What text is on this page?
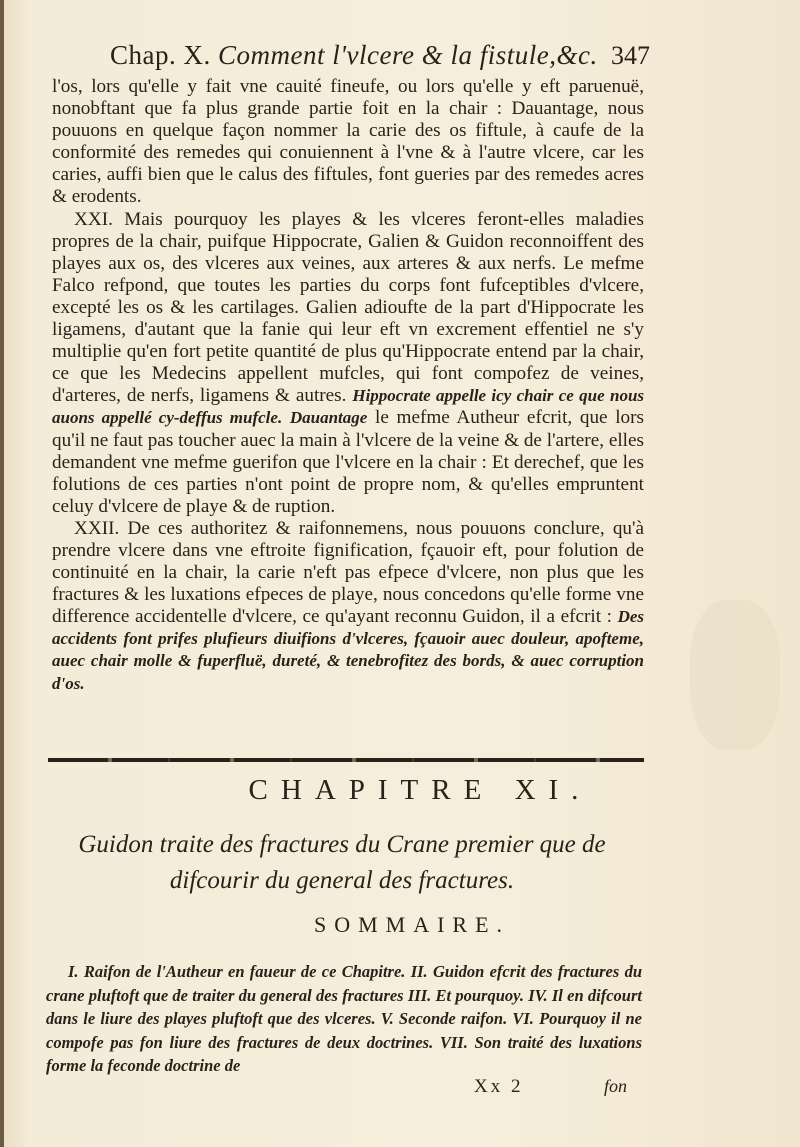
Chap. X. Comment l'vlcere & la fistule,&c. 347

l'os, lors qu'elle y fait vne cauité fineufe, ou lors qu'elle y eft paruenuë, nonobftant que fa plus grande partie foit en la chair : Dauantage, nous pouuons en quelque façon nommer la carie des os fiftule, à caufe de la conformité des remedes qui conuiennent à l'vne & à l'autre vlcere, car les caries, auffi bien que le calus des fiftules, font gueries par des remedes acres & erodents.

XXI. Mais pourquoy les playes & les vlceres feront-elles maladies propres de la chair, puifque Hippocrate, Galien & Guidon reconnoiffent des playes aux os, des vlceres aux veines, aux arteres & aux nerfs. Le mefme Falco refpond, que toutes les parties du corps font fufceptibles d'vlcere, excepté les os & les cartilages. Galien adioufte de la part d'Hippocrate les ligamens, d'autant que la fanie qui leur eft vn excrement effentiel ne s'y multiplie qu'en fort petite quantité de plus qu'Hippocrate entend par la chair, ce que les Medecins appellent mufcles, qui font compofez de veines, d'arteres, de nerfs, ligamens & autres. Hippocrate appelle icy chair ce que nous auons appellé cy-deffus mufcle. Dauantage le mefme Autheur efcrit, que lors qu'il ne faut pas toucher auec la main à l'vlcere de la veine & de l'artere, elles demandent vne mefme guerifon que l'vlcere en la chair : Et derechef, que les folutions de ces parties n'ont point de propre nom, & qu'elles empruntent celuy d'vlcere de playe & de ruption.

XXII. De ces authoritez & raifonnemens, nous pouuons conclure, qu'à prendre vlcere dans vne eftroite fignification, fçauoir eft, pour folution de continuité en la chair, la carie n'eft pas efpece d'vlcere, non plus que les fractures & les luxations efpeces de playe, nous concedons qu'elle forme vne difference accidentelle d'vlcere, ce qu'ayant reconnu Guidon, il a efcrit : Des accidents font prifes plufieurs diuifions d'vlceres, fçauoir auec douleur, apofteme, auec chair molle & fuperfluë, dureté, & tenebrofitez des bords, & auec corruption d'os.

CHAPITRE XI.
Guidon traite des fractures du Crane premier que de difcourir du general des fractures.
SOMMAIRE.
I. Raifon de l'Autheur en faueur de ce Chapitre. II. Guidon efcrit des fractures du crane pluftoft que de traiter du general des fractures III. Et pourquoy. IV. Il en difcourt dans le liure des playes pluftoft que des vlceres. V. Seconde raifon. VI. Pourquoy il ne compofe pas fon liure des fractures de deux doctrines. VII. Son traité des luxations forme la feconde doctrine de
Xx 2	fon
